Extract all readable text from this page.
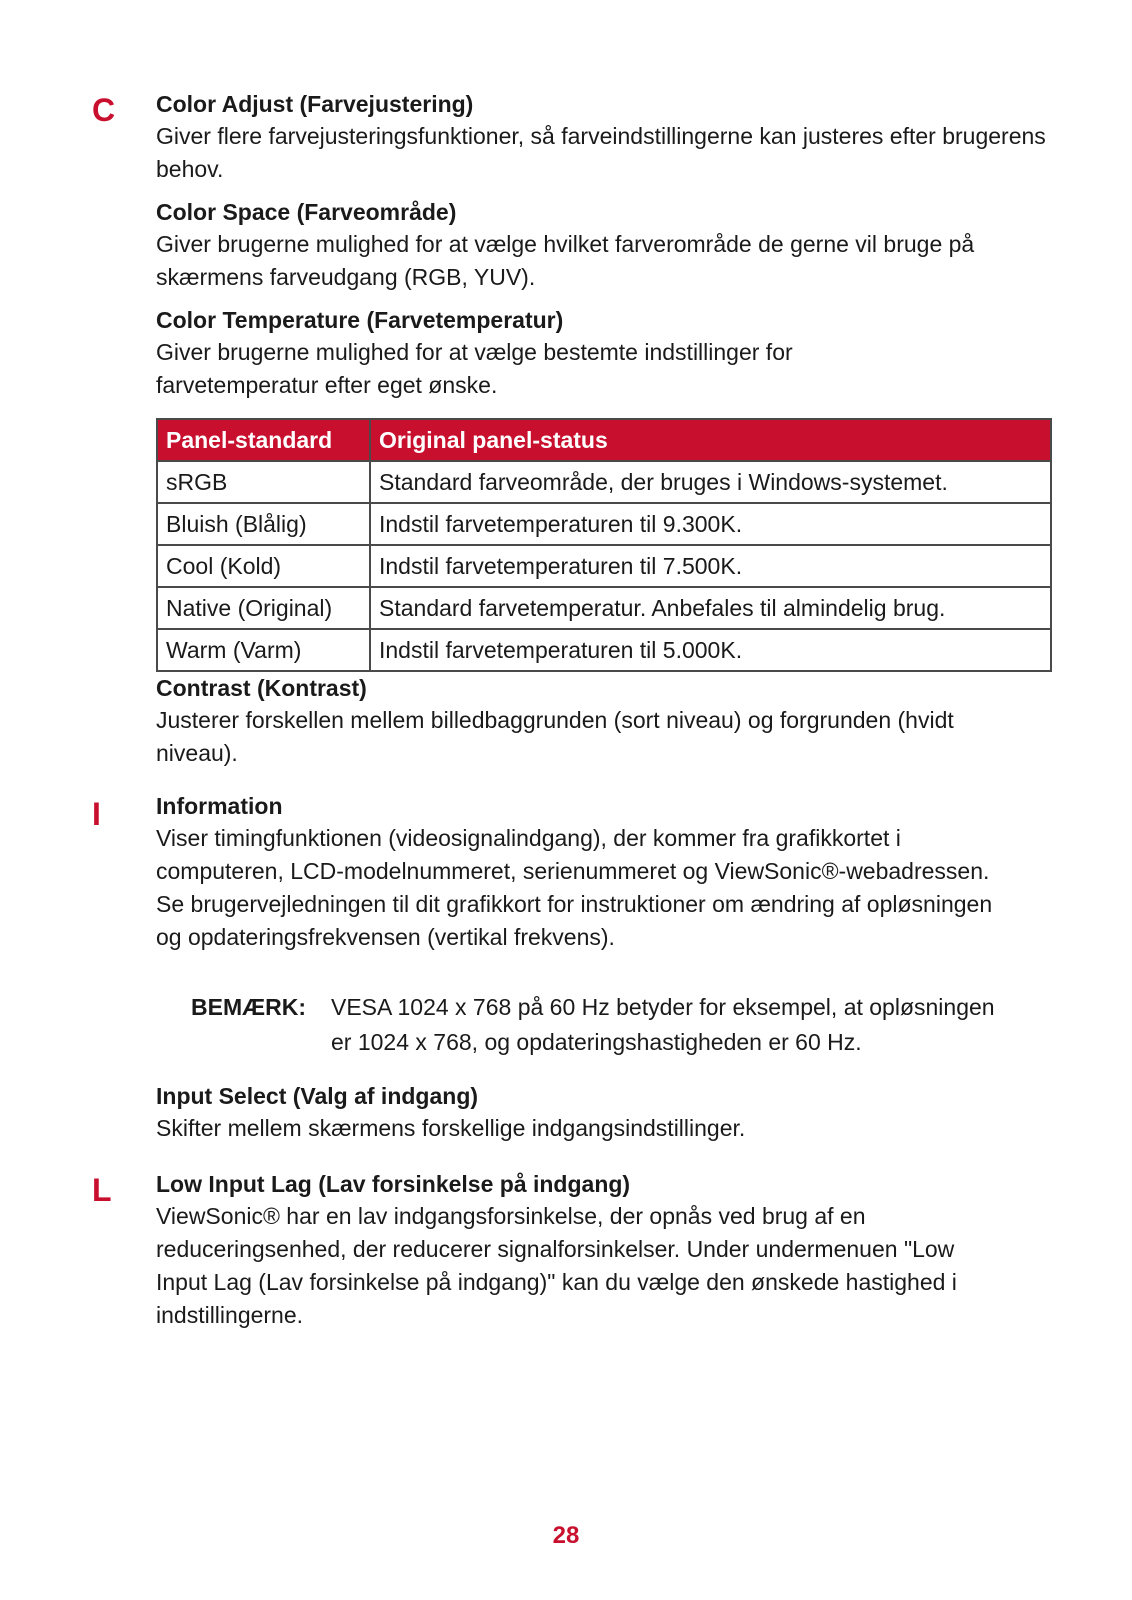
C
I
L
Color Adjust (Farvejustering)

Giver flere farvejusteringsfunktioner, så farveindstillingerne kan justeres efter brugerens behov.

Color Space (Farveområde)

Giver brugerne mulighed for at vælge hvilket farverområde de gerne vil bruge på skærmens farveudgang (RGB, YUV).

Color Temperature (Farvetemperatur)

Giver brugerne mulighed for at vælge bestemte indstillinger for farvetemperatur efter eget ønske.

Panel-standard	Original panel-status
sRGB	Standard farveområde, der bruges i Windows-systemet.
Bluish (Blålig)	Indstil farvetemperaturen til 9.300K.
Cool (Kold)	Indstil farvetemperaturen til 7.500K.
Native (Original)	Standard farvetemperatur. Anbefales til almindelig brug.
Warm (Varm)	Indstil farvetemperaturen til 5.000K.
Contrast (Kontrast)

Justerer forskellen mellem billedbaggrunden (sort niveau) og forgrunden (hvidt niveau).

Information

Viser timingfunktionen (videosignalindgang), der kommer fra grafikkortet i computeren, LCD-modelnummeret, serienummeret og ViewSonic®-webadressen. Se brugervejledningen til dit grafikkort for instruktioner om ændring af opløsningen og opdateringsfrekvensen (vertikal frekvens).

BEMÆRK: VESA 1024 x 768 på 60 Hz betyder for eksempel, at opløsningen er 1024 x 768, og opdateringshastigheden er 60 Hz.
Input Select (Valg af indgang)

Skifter mellem skærmens forskellige indgangsindstillinger.

Low Input Lag (Lav forsinkelse på indgang)

ViewSonic® har en lav indgangsforsinkelse, der opnås ved brug af en reduceringsenhed, der reducerer signalforsinkelser. Under undermenuen "Low Input Lag (Lav forsinkelse på indgang)" kan du vælge den ønskede hastighed i indstillingerne.

28
